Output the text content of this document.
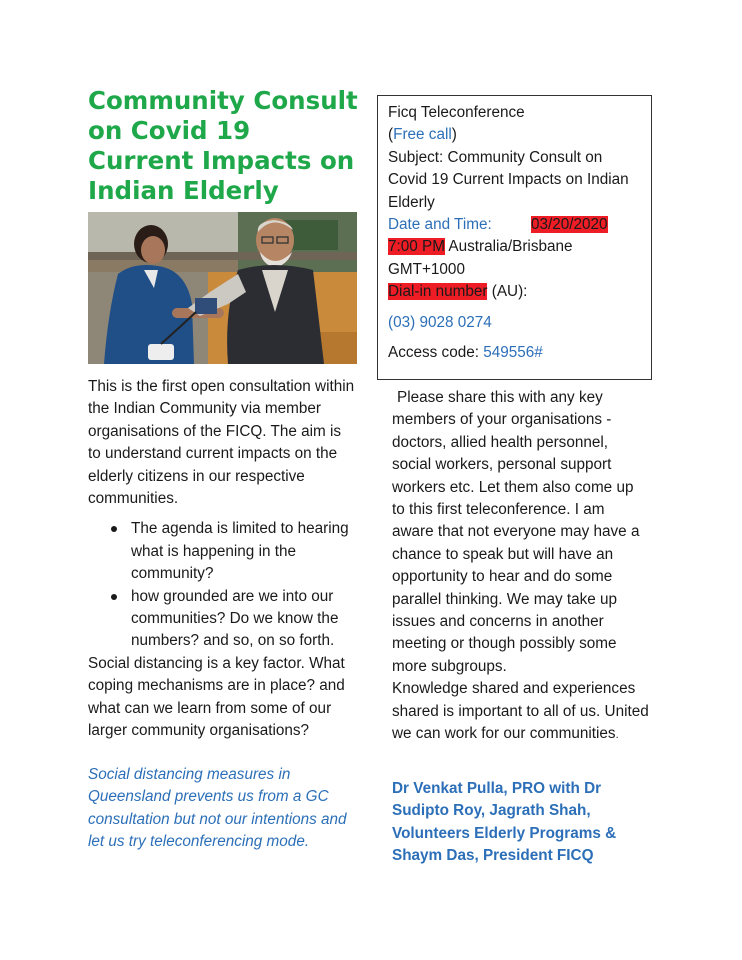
Community Consult
on Covid 19
Current Impacts on
Indian Elderly

This is the first open consultation within the Indian Community via member organisations of the FICQ. The aim is to understand current impacts on the elderly citizens in our respective communities.

The agenda is limited to hearing what is happening in the community?
how grounded are we into our communities? Do we know the numbers? and so, on so forth.

Social distancing is a key factor. What coping mechanisms are in place? and what can we learn from some of our larger community organisations?

Social distancing measures in Queensland prevents us from a GC consultation but not our intentions and let us try teleconferencing mode.

Ficq Teleconference

(Free call)

Subject: Community Consult on Covid 19 Current Impacts on Indian Elderly

Date and Time:	03/20/2020 7:00 PM Australia/Brisbane GMT+1000

Dial-in number (AU):

(03) 9028 0274

Access code: 549556#

Please share this with any key members of your organisations - doctors, allied health personnel, social workers, personal support workers etc. Let them also come up to this first teleconference. I am aware that not everyone may have a chance to speak but will have an opportunity to hear and do some parallel thinking. We may take up issues and concerns in another meeting or though possibly some more subgroups.

Knowledge shared and experiences shared is important to all of us. United we can work for our communities.

Dr Venkat Pulla, PRO with Dr Sudipto Roy, Jagrath Shah, Volunteers Elderly Programs & Shaym Das, President FICQ
